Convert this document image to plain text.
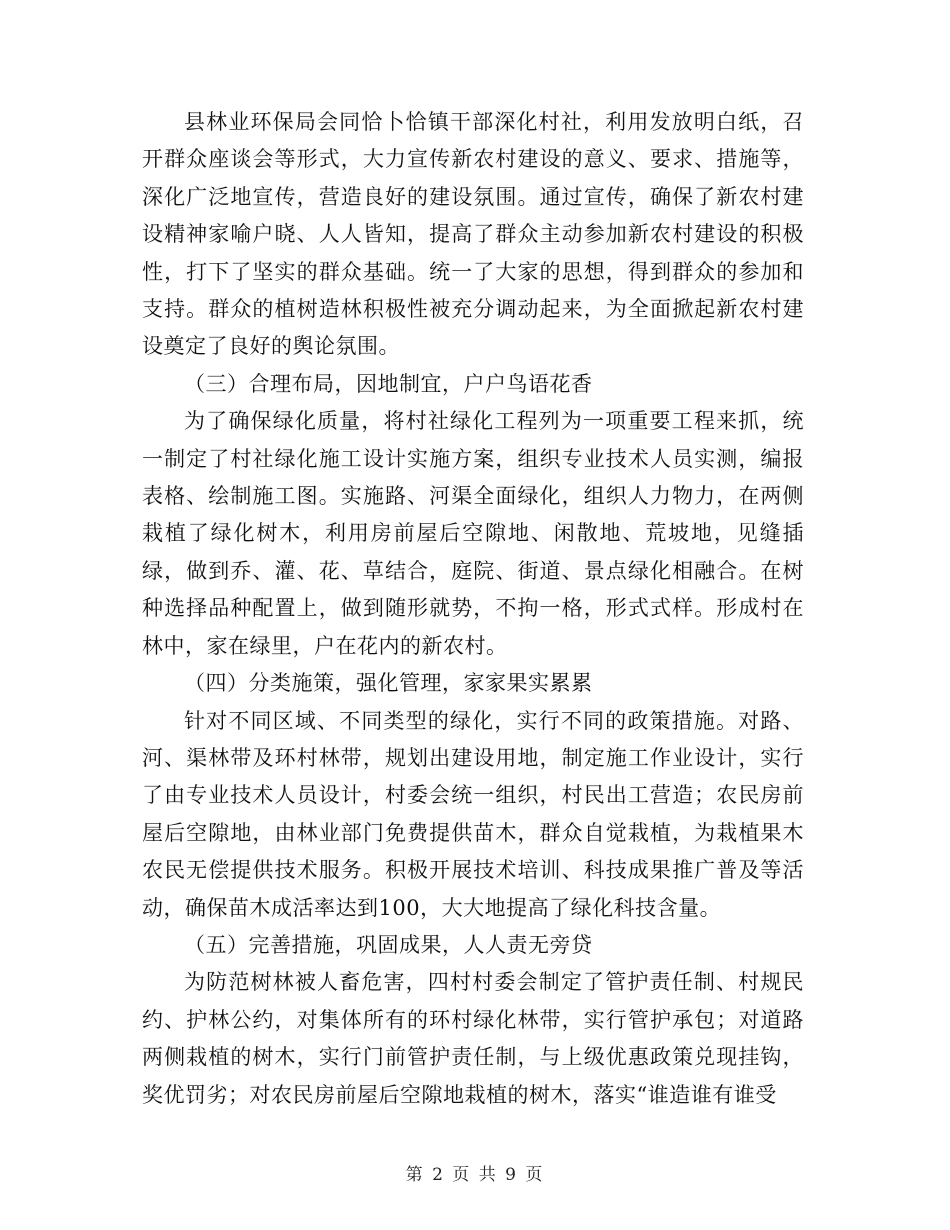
县林业环保局会同恰卜恰镇干部深化村社，利用发放明白纸，召开群众座谈会等形式，大力宣传新农村建设的意义、要求、措施等，深化广泛地宣传，营造良好的建设氛围。通过宣传，确保了新农村建设精神家喻户晓、人人皆知，提高了群众主动参加新农村建设的积极性，打下了坚实的群众基础。统一了大家的思想，得到群众的参加和支持。群众的植树造林积极性被充分调动起来，为全面掀起新农村建设奠定了良好的舆论氛围。

（三）合理布局，因地制宜，户户鸟语花香

为了确保绿化质量，将村社绿化工程列为一项重要工程来抓，统一制定了村社绿化施工设计实施方案，组织专业技术人员实测，编报表格、绘制施工图。实施路、河渠全面绿化，组织人力物力，在两侧栽植了绿化树木，利用房前屋后空隙地、闲散地、荒坡地，见缝插绿，做到乔、灌、花、草结合，庭院、街道、景点绿化相融合。在树种选择品种配置上，做到随形就势，不拘一格，形式式样。形成村在林中，家在绿里，户在花内的新农村。

（四）分类施策，强化管理，家家果实累累

针对不同区域、不同类型的绿化，实行不同的政策措施。对路、河、渠林带及环村林带，规划出建设用地，制定施工作业设计，实行了由专业技术人员设计，村委会统一组织，村民出工营造；农民房前屋后空隙地，由林业部门免费提供苗木，群众自觉栽植，为栽植果木农民无偿提供技术服务。积极开展技术培训、科技成果推广普及等活动，确保苗木成活率达到100，大大地提高了绿化科技含量。

（五）完善措施，巩固成果，人人责无旁贷

为防范树林被人畜危害，四村村委会制定了管护责任制、村规民约、护林公约，对集体所有的环村绿化林带，实行管护承包；对道路两侧栽植的树木，实行门前管护责任制，与上级优惠政策兑现挂钩，奖优罚劣；对农民房前屋后空隙地栽植的树木，落实“谁造谁有谁受

第 2 页 共 9 页
